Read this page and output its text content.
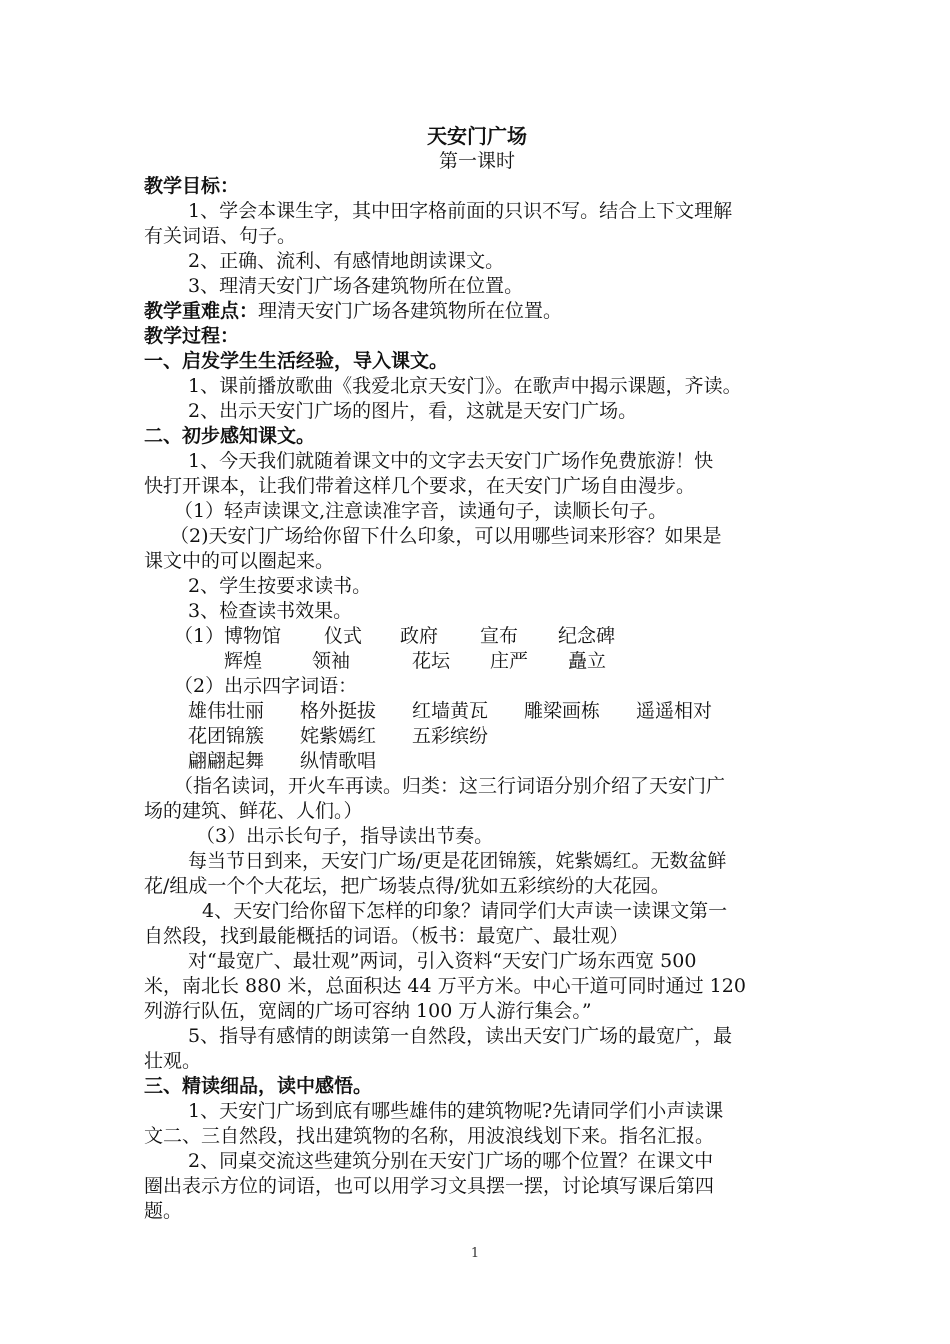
天安门广场
第一课时
教学目标：
1、学会本课生字，其中田字格前面的只识不写。结合上下文理解
有关词语、句子。
2、正确、流利、有感情地朗读课文。
3、理清天安门广场各建筑物所在位置。
教学重难点：理清天安门广场各建筑物所在位置。
教学过程：
一、启发学生生活经验，导入课文。
1、课前播放歌曲《我爱北京天安门》。在歌声中揭示课题，齐读。
2、出示天安门广场的图片，看，这就是天安门广场。
二、初步感知课文。
1、今天我们就随着课文中的文字去天安门广场作免费旅游！快
快打开课本，让我们带着这样几个要求，在天安门广场自由漫步。
（1）轻声读课文,注意读准字音，读通句子，读顺长句子。
（2)天安门广场给你留下什么印象，可以用哪些词来形容？如果是
课文中的可以圈起来。
2、学生按要求读书。
3、检查读书效果。
（1） 博物馆 仪式 政府 宣布 纪念碑
辉煌	领袖	花坛 庄严 矗立
（2）出示四字词语：
雄伟壮丽 格外挺拔 红墙黄瓦 雕梁画栋 遥遥相对
花团锦簇 姹紫嫣红 五彩缤纷
翩翩起舞 纵情歌唱
（指名读词，开火车再读。归类：这三行词语分别介绍了天安门广
场的建筑、鲜花、人们。）
（3）出示长句子，指导读出节奏。
每当节日到来，天安门广场/更是花团锦簇，姹紫嫣红。无数盆鲜
花/组成一个个大花坛，把广场装点得/犹如五彩缤纷的大花园。
4、天安门给你留下怎样的印象？请同学们大声读一读课文第一
自然段，找到最能概括的词语。（板书：最宽广、最壮观）
对“最宽广、最壮观”两词，引入资料“天安门广场东西宽 500
米，南北长 880 米，总面积达 44 万平方米。中心干道可同时通过 120
列游行队伍，宽阔的广场可容纳 100 万人游行集会。”
5、指导有感情的朗读第一自然段，读出天安门广场的最宽广，最
壮观。
三、精读细品，读中感悟。
1、天安门广场到底有哪些雄伟的建筑物呢?先请同学们小声读课
文二、三自然段，找出建筑物的名称，用波浪线划下来。指名汇报。
2、同桌交流这些建筑分别在天安门广场的哪个位置？在课文中
圈出表示方位的词语，也可以用学习文具摆一摆，讨论填写课后第四
题。
1
